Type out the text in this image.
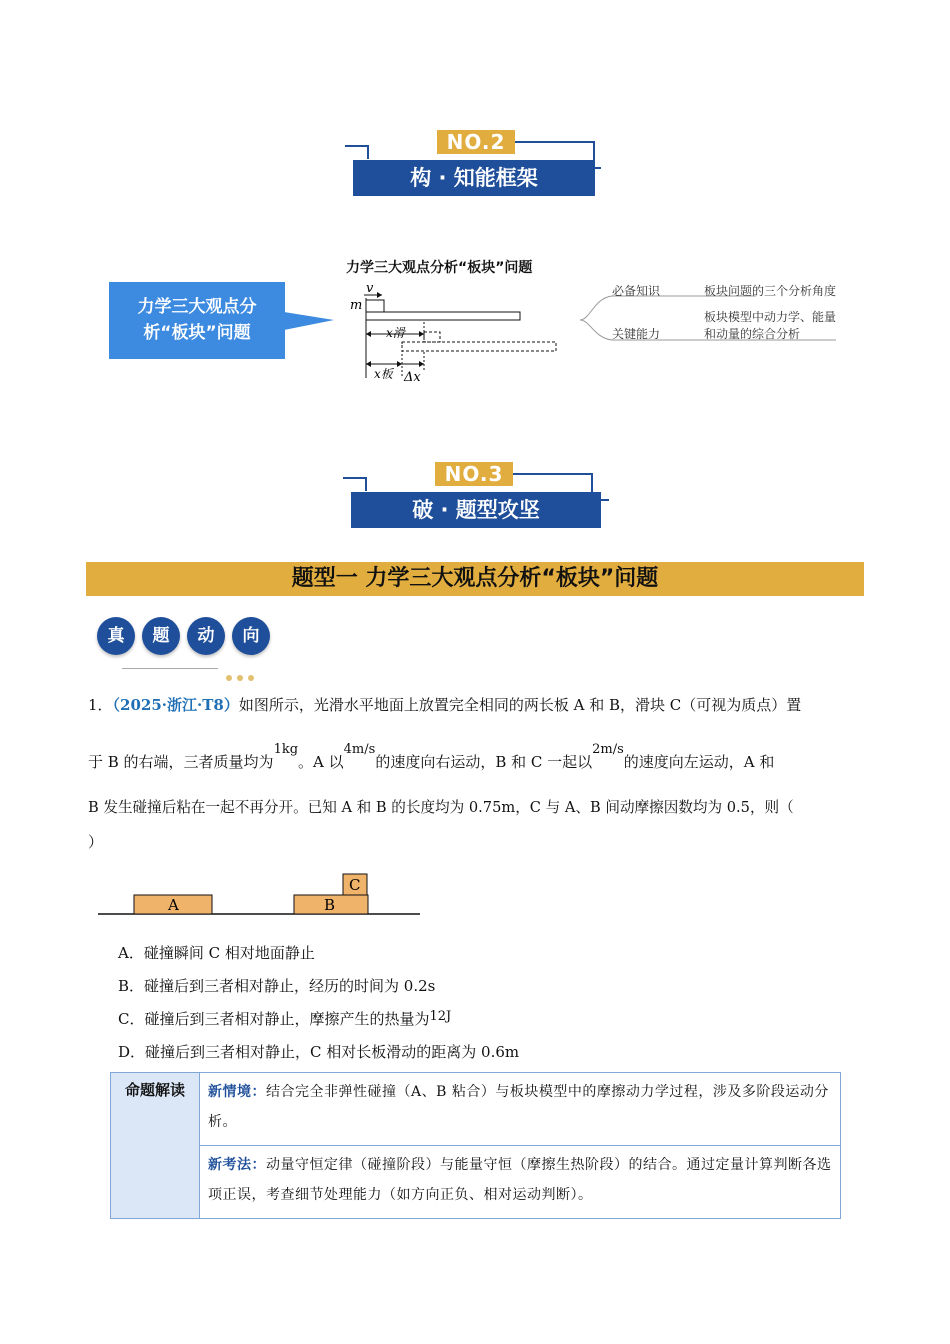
NO.2
构 · 知能框架
力学三大观点分
析“板块”问题
力学三大观点分析“板块”问题
v
m
x滑
x板 Δx
必备知识	板块问题的三个分析角度
关键能力
板块模型中动力学、能量
和动量的综合分析
NO.3
破 · 题型攻坚
题型一 力学三大观点分析“板块”问题
真	题	动	向
1．（2025·浙江·T8）如图所示，光滑水平地面上放置完全相同的两长板 A 和 B，滑块 C（可视为质点）置
于 B 的右端，三者质量均为$^{1kg}$。A 以$^{4m/s}$的速度向右运动，B 和 C 一起以$^{2m/s}$的速度向左运动，A 和
B 发生碰撞后粘在一起不再分开。已知 A 和 B 的长度均为 0.75m，C 与 A、B 间动摩擦因数均为 0.5，则（
）
A	B
C
A．碰撞瞬间 C 相对地面静止
B．碰撞后到三者相对静止，经历的时间为 0.2s
C．碰撞后到三者相对静止，摩擦产生的热量为$^{12J}$
D．碰撞后到三者相对静止，C 相对长板滑动的距离为 0.6m
命题解读	新情境：结合完全非弹性碰撞（A、B 粘合）与板块模型中的摩擦动力学过程，涉及多阶段运动分析。
新考法：动量守恒定律（碰撞阶段）与能量守恒（摩擦生热阶段）的结合。通过定量计算判断各选项正误，考查细节处理能力（如方向正负、相对运动判断）。
